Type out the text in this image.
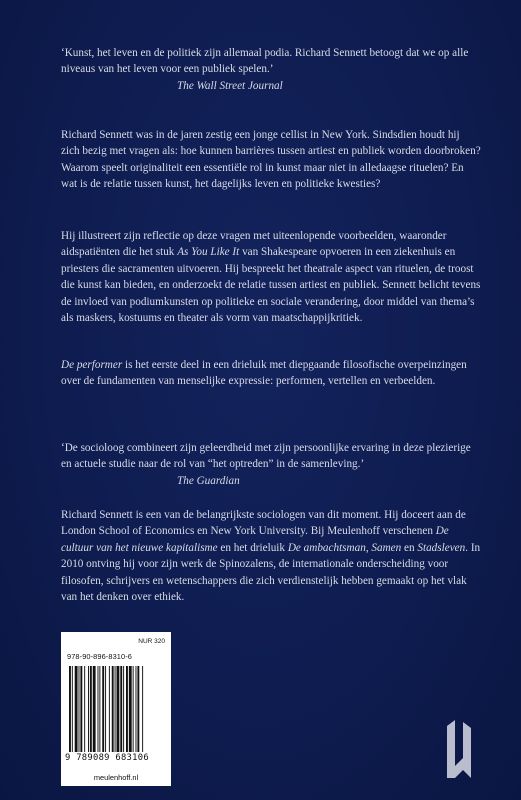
‘Kunst, het leven en de politiek zijn allemaal podia. Richard Sennett betoogt dat we op alle niveaus van het leven voor een publiek spelen.’
The Wall Street Journal
Richard Sennett was in de jaren zestig een jonge cellist in New York. Sindsdien houdt hij zich bezig met vragen als: hoe kunnen barrières tussen artiest en publiek worden doorbroken? Waarom speelt originaliteit een essentiële rol in kunst maar niet in alledaagse rituelen? En wat is de relatie tussen kunst, het dagelijks leven en politieke kwesties?
Hij illustreert zijn reflectie op deze vragen met uiteenlopende voorbeelden, waaronder aidspatiënten die het stuk As You Like It van Shakespeare opvoeren in een ziekenhuis en priesters die sacramenten uitvoeren. Hij bespreekt het theatrale aspect van rituelen, de troost die kunst kan bieden, en onderzoekt de relatie tussen artiest en publiek. Sennett belicht tevens de invloed van podiumkunsten op politieke en sociale verandering, door middel van thema’s als maskers, kostuums en theater als vorm van maatschappijkritiek.
De performer is het eerste deel in een drieluik met diepgaande filosofische overpeinzingen over de fundamenten van menselijke expressie: performen, vertellen en verbeelden.
‘De socioloog combineert zijn geleerdheid met zijn persoonlijke ervaring in deze plezierige en actuele studie naar de rol van “het optreden” in de samenleving.’
The Guardian
Richard Sennett is een van de belangrijkste sociologen van dit moment. Hij doceert aan de London School of Economics en New York University. Bij Meulenhoff verschenen De cultuur van het nieuwe kapitalisme en het drieluik De ambachtsman, Samen en Stadsleven. In 2010 ontving hij voor zijn werk de Spinozalens, de internationale onderscheiding voor filosofen, schrijvers en wetenschappers die zich verdienstelijk hebben gemaakt op het vlak van het denken over ethiek.
NUR 320
978-90-896-8310-6
9 789089 683106
meulenhoff.nl
